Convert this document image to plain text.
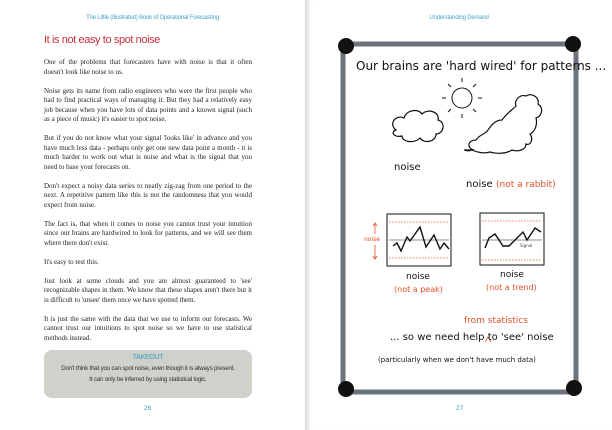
The Little (Illustrated) Book of Operational Forecasting
It is not easy to spot noise

One of the problems that forecasters have with noise is that it often doesn't look like noise to us.

Noise gets its name from radio engineers who were the first people who had to find practical ways of managing it. But they had a relatively easy job because when you have lots of data points and a known signal (such as a piece of music) it's easier to spot noise.

But if you do not know what your signal 'looks like' in advance and you have much less data - perhaps only get one new data point a month - it is much harder to work out what is noise and what is the signal that you need to base your forecasts on.

Don't expect a noisy data series to neatly zig-zag from one period to the next. A repetitive pattern like this is not the randomness that you would expect from noise.

The fact is, that when it comes to noise you cannot trust your intuition since our brains are hardwired to look for patterns, and we will see them where there don't exist.

It's easy to test this.

Just look at some clouds and you are almost guaranteed to 'see' recognizable shapes in them. We know that these shapes aren't there but it is difficult to 'unsee' them once we have spotted them.

It is just the same with the data that we use to inform our forecasts. We cannot trust our intuitions to spot noise so we have to use statistical methods instead.

TAKEOUT
Don't think that you can spot noise, even though it is always present.
It can only be inferred by using statistical logic.
26
Understanding Demand
Our brains are 'hard wired' for patterns ...
noise
noise (not a rabbit)
noise
Signal
noise
(not a peak)
noise
(not a trend)
from statistics
... so we need help to 'see' noise
(particularly when we don't have much data)
27
